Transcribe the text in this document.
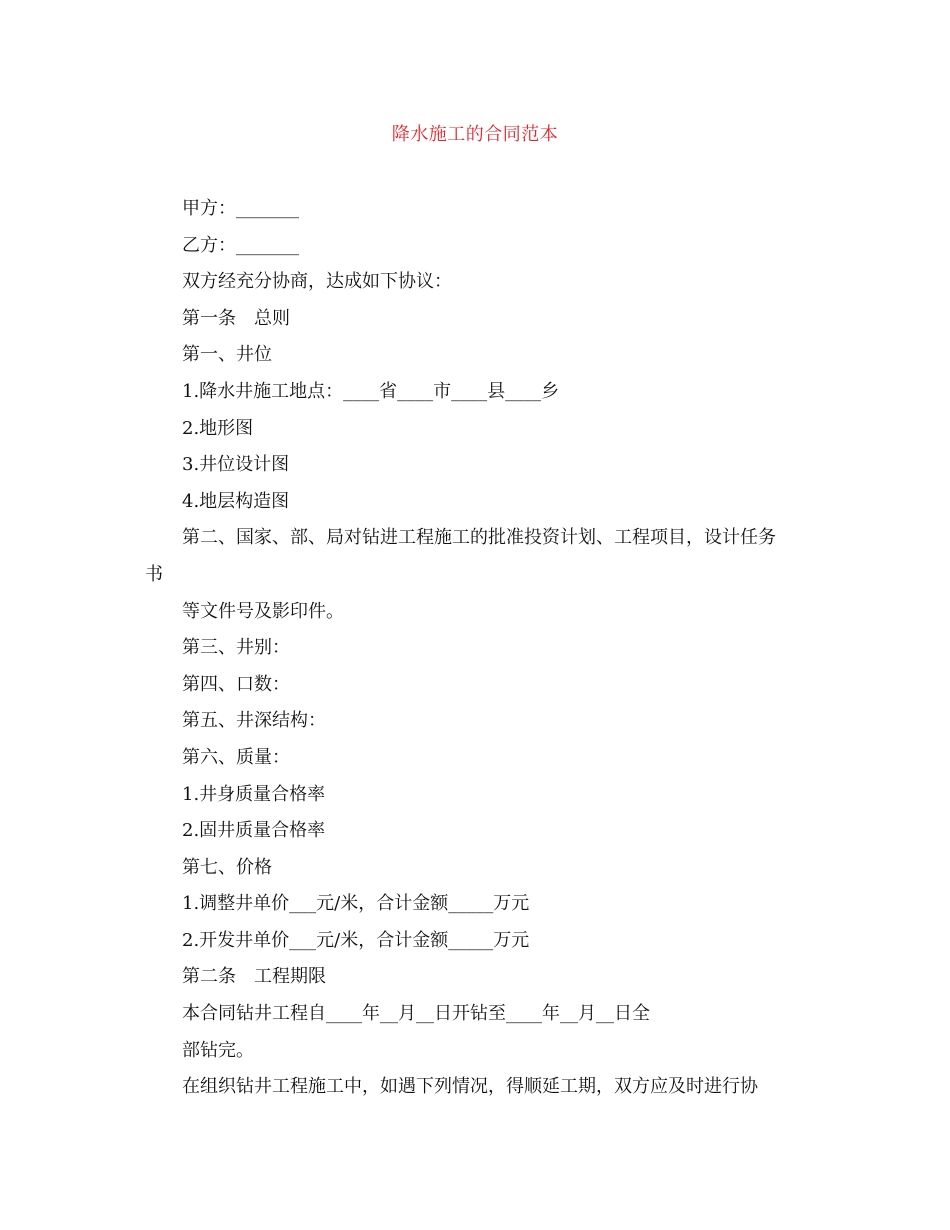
降水施工的合同范本
甲方：_______
乙方：_______
双方经充分协商，达成如下协议：
第一条　总则
第一、井位
1.降水井施工地点：____省____市____县____乡
2.地形图
3.井位设计图
4.地层构造图
第二、国家、部、局对钻进工程施工的批准投资计划、工程项目，设计任务
书
等文件号及影印件。
第三、井别：
第四、口数：
第五、井深结构：
第六、质量：
1.井身质量合格率
2.固井质量合格率
第七、价格
1.调整井单价___元/米，合计金额_____万元
2.开发井单价___元/米，合计金额_____万元
第二条　工程期限
本合同钻井工程自____年__月__日开钻至____年__月__日全
部钻完。
在组织钻井工程施工中，如遇下列情况，得顺延工期，双方应及时进行协
